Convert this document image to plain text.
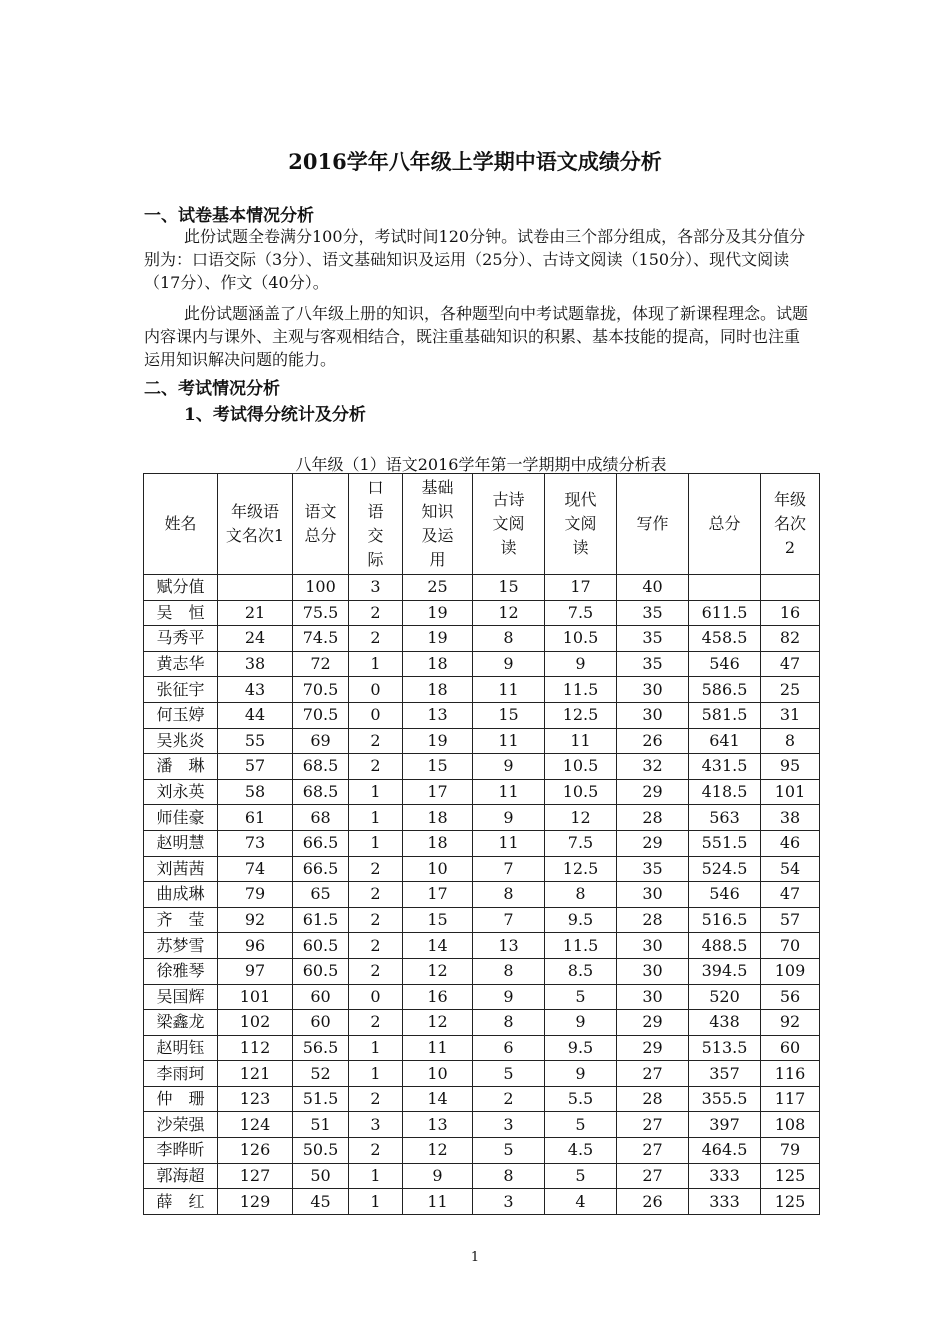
2016学年八年级上学期中语文成绩分析
一、试卷基本情况分析
此份试题全卷满分100分，考试时间120分钟。试卷由三个部分组成，各部分及其分值分别为：口语交际（3分）、语文基础知识及运用（25分）、古诗文阅读（150分）、现代文阅读（17分）、作文（40分）。
此份试题涵盖了八年级上册的知识，各种题型向中考试题靠拢，体现了新课程理念。试题内容课内与课外、主观与客观相结合，既注重基础知识的积累、基本技能的提高，同时也注重运用知识解决问题的能力。
二、考试情况分析
1、考试得分统计及分析
八年级（1）语文2016学年第一学期期中成绩分析表
姓名	年级语文名次1	语文总分	口语交际	基础知识及运用	古诗文阅读	现代文阅读	写作	总分	年级名次2

赋分值		100	3	25	15	17	40		
吴　恒	21	75.5	2	19	12	7.5	35	611.5	16
马秀平	24	74.5	2	19	8	10.5	35	458.5	82
黄志华	38	72	1	18	9	9	35	546	47
张征宇	43	70.5	0	18	11	11.5	30	586.5	25
何玉婷	44	70.5	0	13	15	12.5	30	581.5	31
吴兆炎	55	69	2	19	11	11	26	641	8
潘　琳	57	68.5	2	15	9	10.5	32	431.5	95
刘永英	58	68.5	1	17	11	10.5	29	418.5	101
师佳豪	61	68	1	18	9	12	28	563	38
赵明慧	73	66.5	1	18	11	7.5	29	551.5	46
刘茜茜	74	66.5	2	10	7	12.5	35	524.5	54
曲成琳	79	65	2	17	8	8	30	546	47
齐　莹	92	61.5	2	15	7	9.5	28	516.5	57
苏梦雪	96	60.5	2	14	13	11.5	30	488.5	70
徐雅琴	97	60.5	2	12	8	8.5	30	394.5	109
吴国辉	101	60	0	16	9	5	30	520	56
梁鑫龙	102	60	2	12	8	9	29	438	92
赵明钰	112	56.5	1	11	6	9.5	29	513.5	60
李雨珂	121	52	1	10	5	9	27	357	116
仲　珊	123	51.5	2	14	2	5.5	28	355.5	117
沙荣强	124	51	3	13	3	5	27	397	108
李晔昕	126	50.5	2	12	5	4.5	27	464.5	79
郭海超	127	50	1	9	8	5	27	333	125
薛　红	129	45	1	11	3	4	26	333	125
1
